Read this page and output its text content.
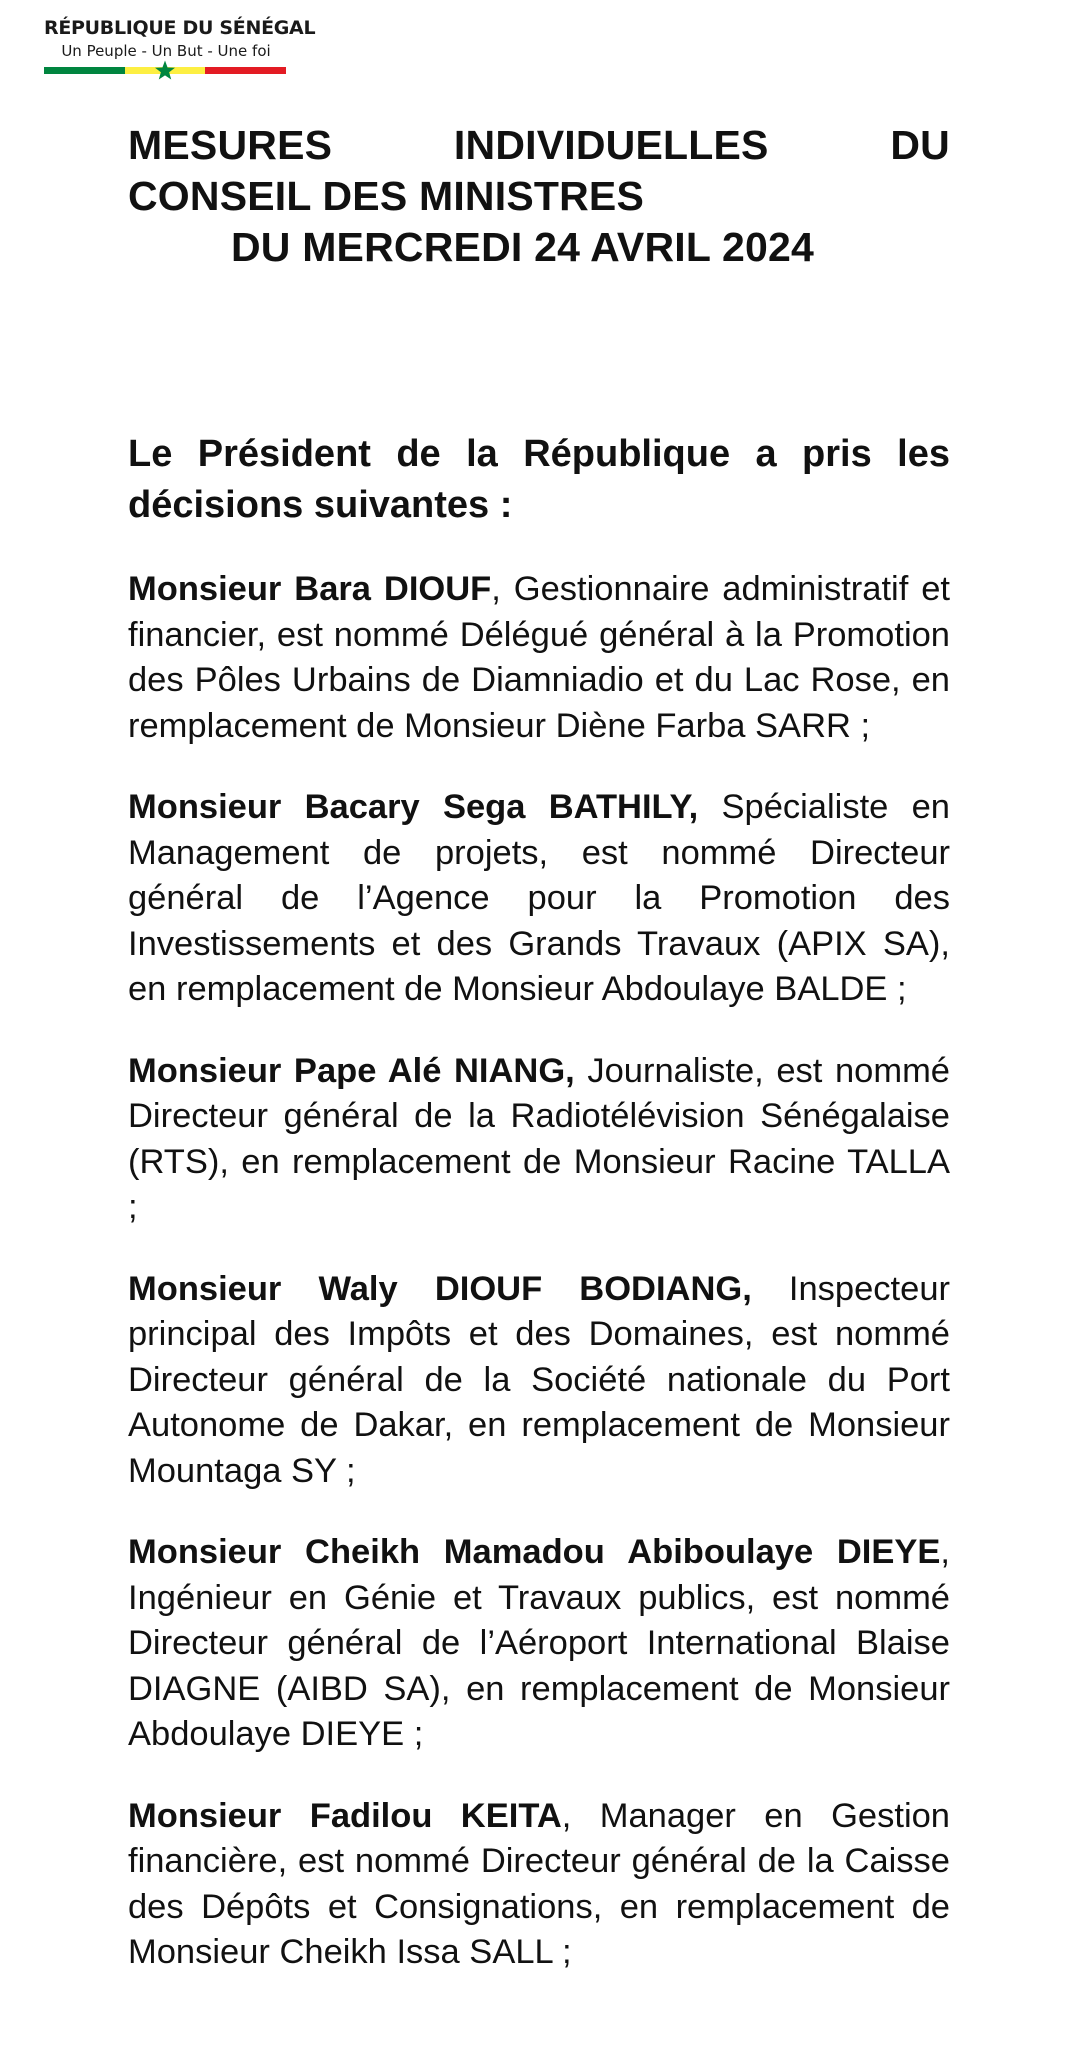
RÉPUBLIQUE DU SÉNÉGAL
Un Peuple - Un But - Une foi
MESURES INDIVIDUELLES DU
CONSEIL DES MINISTRES
DU MERCREDI 24 AVRIL 2024

Le Président de la République a pris les décisions suivantes :

Monsieur Bara DIOUF, Gestionnaire administratif et financier, est nommé Délégué général à la Promotion des Pôles Urbains de Diamniadio et du Lac Rose, en remplacement de Monsieur Diène Farba SARR ;

Monsieur Bacary Sega BATHILY, Spécialiste en Management de projets, est nommé Directeur général de l’Agence pour la Promotion des Investissements et des Grands Travaux (APIX SA), en remplacement de Monsieur Abdoulaye BALDE ;

Monsieur Pape Alé NIANG, Journaliste, est nommé Directeur général de la Radiotélévision Sénégalaise (RTS), en remplacement de Monsieur Racine TALLA ;

Monsieur Waly DIOUF BODIANG, Inspecteur principal des Impôts et des Domaines, est nommé Directeur général de la Société nationale du Port Autonome de Dakar, en remplacement de Monsieur Mountaga SY ;

Monsieur Cheikh Mamadou Abiboulaye DIEYE, Ingénieur en Génie et Travaux publics, est nommé Directeur général de l’Aéroport International Blaise DIAGNE (AIBD SA), en remplacement de Monsieur Abdoulaye DIEYE ;

Monsieur Fadilou KEITA, Manager en Gestion financière, est nommé Directeur général de la Caisse des Dépôts et Consignations, en remplacement de Monsieur Cheikh Issa SALL ;
